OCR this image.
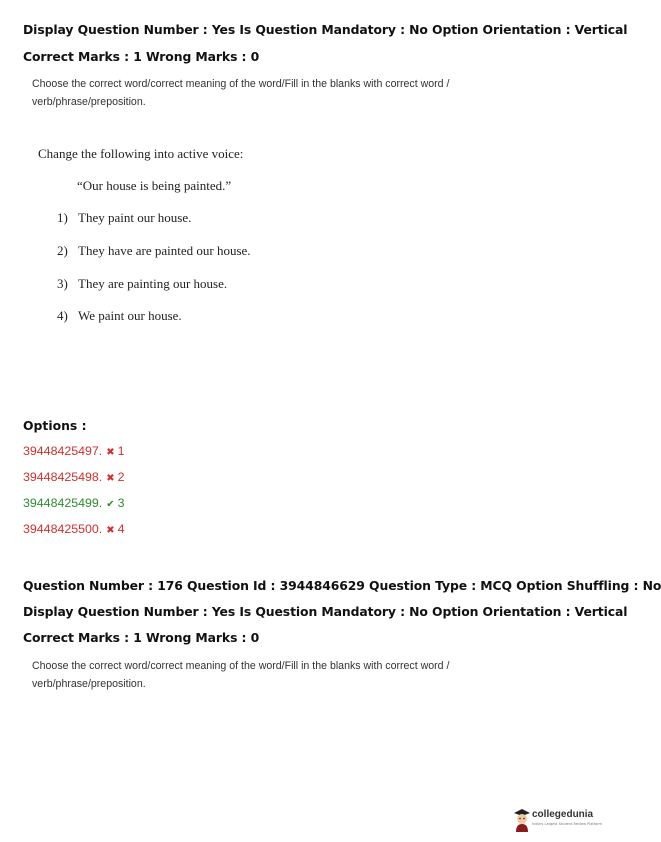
Display Question Number : Yes Is Question Mandatory : No Option Orientation : Vertical
Correct Marks : 1 Wrong Marks : 0
Choose the correct word/correct meaning of the word/Fill in the blanks with correct word /
verb/phrase/preposition.
Change the following into active voice:
“Our house is being painted.”
1) They paint our house.
2) They have are painted our house.
3) They are painting our house.
4) We paint our house.
Options :
39448425497. ✖ 1
39448425498. ✖ 2
39448425499. ✔ 3
39448425500. ✖ 4
Question Number : 176 Question Id : 3944846629 Question Type : MCQ Option Shuffling : No
Display Question Number : Yes Is Question Mandatory : No Option Orientation : Vertical
Correct Marks : 1 Wrong Marks : 0
Choose the correct word/correct meaning of the word/Fill in the blanks with correct word /
verb/phrase/preposition.
collegedunia
India's Largest Student Review Platform
